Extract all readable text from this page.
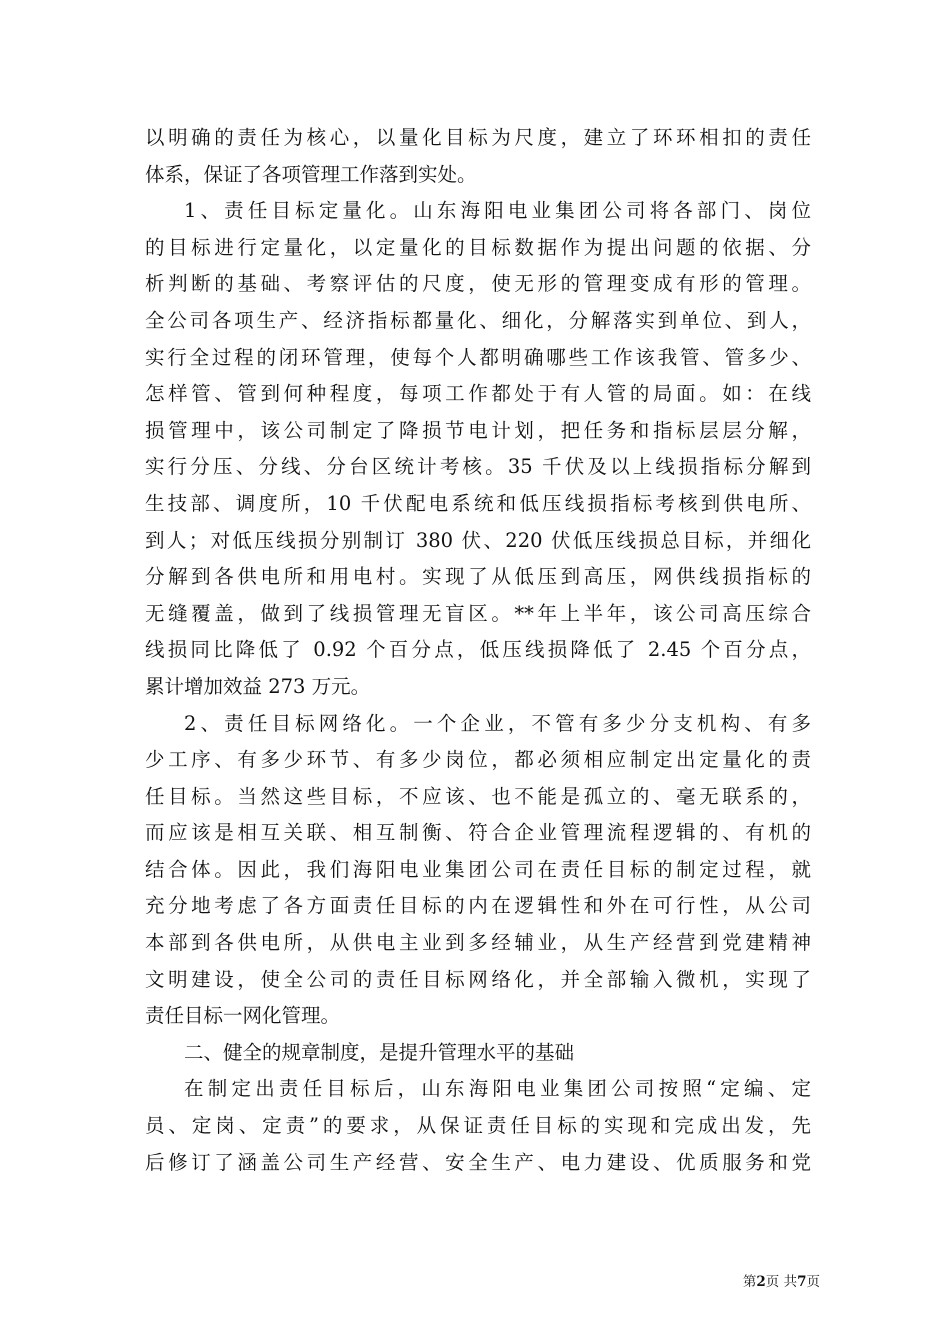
以明确的责任为核心，以量化目标为尺度，建立了环环相扣的责任
体系，保证了各项管理工作落到实处。
1、责任目标定量化。山东海阳电业集团公司将各部门、岗位
的目标进行定量化，以定量化的目标数据作为提出问题的依据、分
析判断的基础、考察评估的尺度，使无形的管理变成有形的管理。
全公司各项生产、经济指标都量化、细化，分解落实到单位、到人，
实行全过程的闭环管理，使每个人都明确哪些工作该我管、管多少、
怎样管、管到何种程度，每项工作都处于有人管的局面。如：在线
损管理中，该公司制定了降损节电计划，把任务和指标层层分解，
实行分压、分线、分台区统计考核。35 千伏及以上线损指标分解到
生技部、调度所，10 千伏配电系统和低压线损指标考核到供电所、
到人；对低压线损分别制订 380 伏、220 伏低压线损总目标，并细化
分解到各供电所和用电村。实现了从低压到高压，网供线损指标的
无缝覆盖，做到了线损管理无盲区。**年上半年，该公司高压综合
线损同比降低了 0.92 个百分点，低压线损降低了 2.45 个百分点，
累计增加效益 273 万元。
2、责任目标网络化。一个企业，不管有多少分支机构、有多
少工序、有多少环节、有多少岗位，都必须相应制定出定量化的责
任目标。当然这些目标，不应该、也不能是孤立的、毫无联系的，
而应该是相互关联、相互制衡、符合企业管理流程逻辑的、有机的
结合体。因此，我们海阳电业集团公司在责任目标的制定过程，就
充分地考虑了各方面责任目标的内在逻辑性和外在可行性，从公司
本部到各供电所，从供电主业到多经辅业，从生产经营到党建精神
文明建设，使全公司的责任目标网络化，并全部输入微机，实现了
责任目标一网化管理。
二、健全的规章制度，是提升管理水平的基础
在制定出责任目标后，山东海阳电业集团公司按照“定编、定
员、定岗、定责”的要求，从保证责任目标的实现和完成出发，先
后修订了涵盖公司生产经营、安全生产、电力建设、优质服务和党
第2页 共7页
